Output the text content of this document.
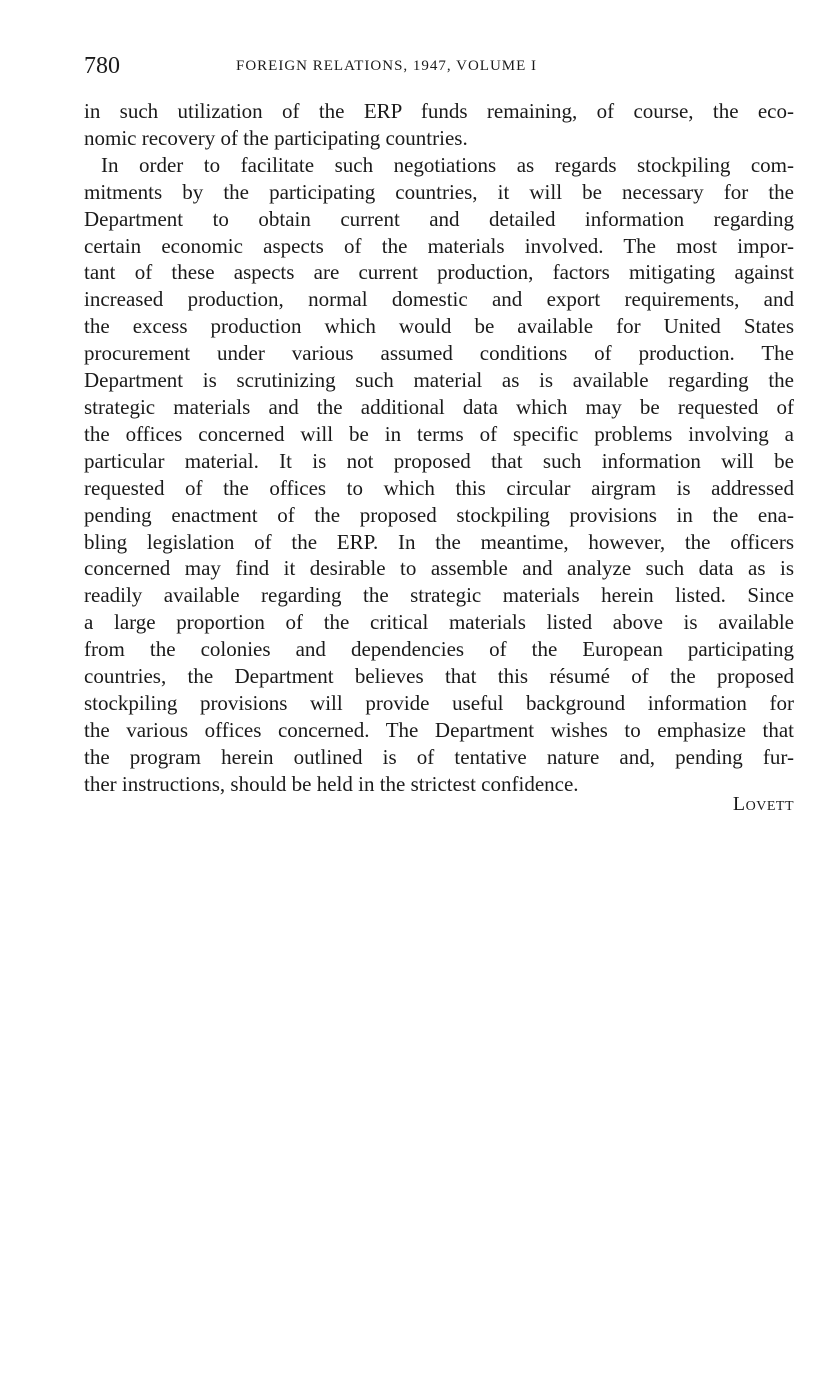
780	FOREIGN RELATIONS, 1947, VOLUME I

in such utilization of the ERP funds remaining, of course, the eco-
nomic recovery of the participating countries.

In order to facilitate such negotiations as regards stockpiling com-
mitments by the participating countries, it will be necessary for the
Department to obtain current and detailed information regarding
certain economic aspects of the materials involved. The most impor-
tant of these aspects are current production, factors mitigating against
increased production, normal domestic and export requirements, and
the excess production which would be available for United States
procurement under various assumed conditions of production. The
Department is scrutinizing such material as is available regarding the
strategic materials and the additional data which may be requested of
the offices concerned will be in terms of specific problems involving a
particular material. It is not proposed that such information will be
requested of the offices to which this circular airgram is addressed
pending enactment of the proposed stockpiling provisions in the ena-
bling legislation of the ERP. In the meantime, however, the officers
concerned may find it desirable to assemble and analyze such data as is
readily available regarding the strategic materials herein listed. Since
a large proportion of the critical materials listed above is available
from the colonies and dependencies of the European participating
countries, the Department believes that this résumé of the proposed
stockpiling provisions will provide useful background information for
the various offices concerned. The Department wishes to emphasize that
the program herein outlined is of tentative nature and, pending fur-
ther instructions, should be held in the strictest confidence.

Lovett
